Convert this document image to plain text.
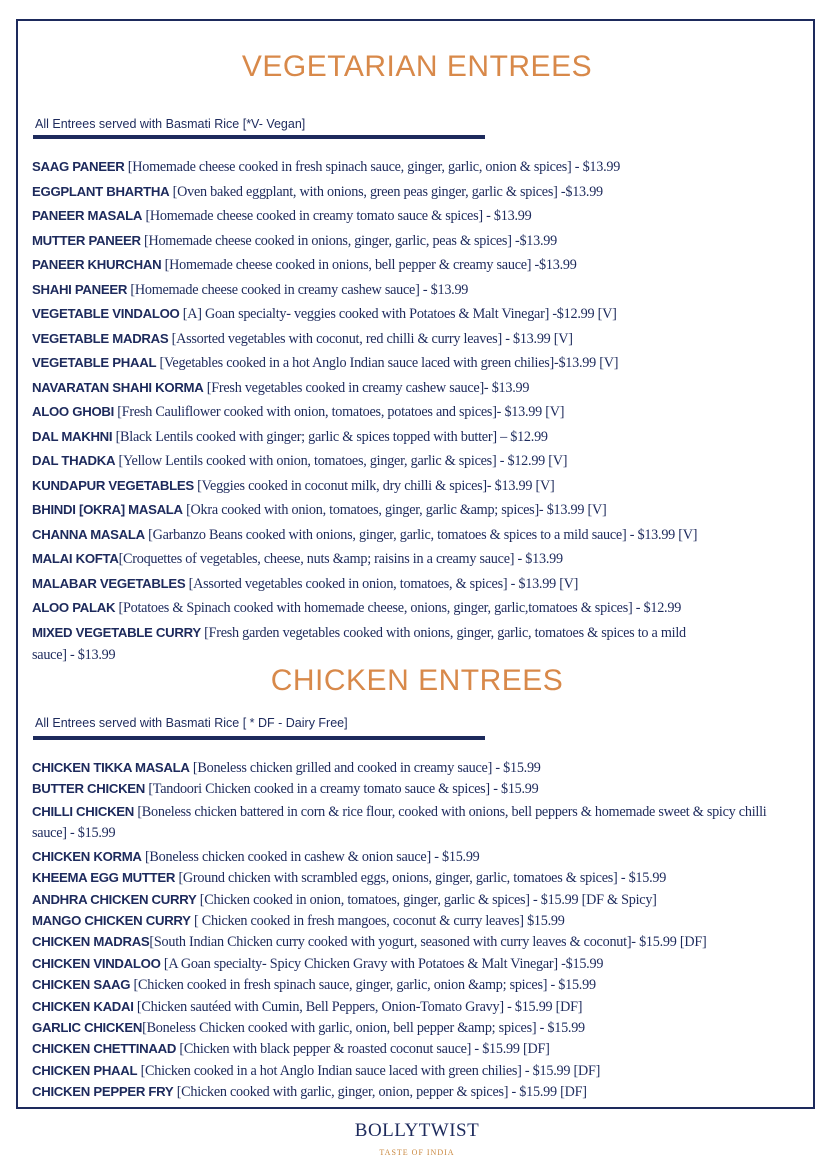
VEGETARIAN ENTREES
All Entrees served with Basmati Rice [*V- Vegan]
SAAG PANEER [Homemade cheese cooked in fresh spinach sauce, ginger, garlic, onion & spices] - $13.99
EGGPLANT BHARTHA [Oven baked eggplant, with onions, green peas ginger, garlic & spices] -$13.99
PANEER MASALA [Homemade cheese cooked in creamy tomato sauce & spices] - $13.99
MUTTER PANEER [Homemade cheese cooked in onions, ginger, garlic, peas & spices] -$13.99
PANEER KHURCHAN [Homemade cheese cooked in onions, bell pepper & creamy sauce] -$13.99
SHAHI PANEER [Homemade cheese cooked in creamy cashew sauce] - $13.99
VEGETABLE VINDALOO [A] Goan specialty- veggies cooked with Potatoes & Malt Vinegar] -$12.99 [V]
VEGETABLE MADRAS [Assorted vegetables with coconut, red chilli & curry leaves] - $13.99 [V]
VEGETABLE PHAAL [Vegetables cooked in a hot Anglo Indian sauce laced with green chilies]-$13.99 [V]
NAVARATAN SHAHI KORMA [Fresh vegetables cooked in creamy cashew sauce]- $13.99
ALOO GHOBI [Fresh Cauliflower cooked with onion, tomatoes, potatoes and spices]- $13.99 [V]
DAL MAKHNI [Black Lentils cooked with ginger; garlic & spices topped with butter] – $12.99
DAL THADKA [Yellow Lentils cooked with onion, tomatoes, ginger, garlic & spices] - $12.99 [V]
KUNDAPUR VEGETABLES [Veggies cooked in coconut milk, dry chilli & spices]- $13.99 [V]
BHINDI [OKRA] MASALA [Okra cooked with onion, tomatoes, ginger, garlic &amp; spices]- $13.99 [V]
CHANNA MASALA [Garbanzo Beans cooked with onions, ginger, garlic, tomatoes & spices to a mild sauce] - $13.99 [V]
MALAI KOFTA[Croquettes of vegetables, cheese, nuts &amp; raisins in a creamy sauce] - $13.99
MALABAR VEGETABLES [Assorted vegetables cooked in onion, tomatoes, & spices] - $13.99 [V]
ALOO PALAK [Potatoes & Spinach cooked with homemade cheese, onions, ginger, garlic,tomatoes & spices] - $12.99
MIXED VEGETABLE CURRY [Fresh garden vegetables cooked with onions, ginger, garlic, tomatoes & spices to a mild sauce] - $13.99
CHICKEN ENTREES
All Entrees served with Basmati Rice [ * DF - Dairy Free]
CHICKEN TIKKA MASALA [Boneless chicken grilled and cooked in creamy sauce] - $15.99
BUTTER CHICKEN [Tandoori Chicken cooked in a creamy tomato sauce & spices] - $15.99
CHILLI CHICKEN [Boneless chicken battered in corn & rice flour, cooked with onions, bell peppers & homemade sweet & spicy chilli sauce] - $15.99
CHICKEN KORMA [Boneless chicken cooked in cashew & onion sauce] - $15.99
KHEEMA EGG MUTTER [Ground chicken with scrambled eggs, onions, ginger, garlic, tomatoes & spices] - $15.99
ANDHRA CHICKEN CURRY [Chicken cooked in onion, tomatoes, ginger, garlic & spices] - $15.99 [DF & Spicy]
MANGO CHICKEN CURRY [ Chicken cooked in fresh mangoes, coconut & curry leaves] $15.99
CHICKEN MADRAS[South Indian Chicken curry cooked with yogurt, seasoned with curry leaves & coconut]- $15.99 [DF]
CHICKEN VINDALOO [A Goan specialty- Spicy Chicken Gravy with Potatoes & Malt Vinegar] -$15.99
CHICKEN SAAG [Chicken cooked in fresh spinach sauce, ginger, garlic, onion &amp; spices] - $15.99
CHICKEN KADAI [Chicken sautéed with Cumin, Bell Peppers, Onion-Tomato Gravy] - $15.99 [DF]
GARLIC CHICKEN[Boneless Chicken cooked with garlic, onion, bell pepper &amp; spices] - $15.99
CHICKEN CHETTINAAD [Chicken with black pepper & roasted coconut sauce] - $15.99 [DF]
CHICKEN PHAAL [Chicken cooked in a hot Anglo Indian sauce laced with green chilies] - $15.99 [DF]
CHICKEN PEPPER FRY [Chicken cooked with garlic, ginger, onion, pepper & spices] - $15.99 [DF]
BOLLYTWIST
TASTE OF INDIA
